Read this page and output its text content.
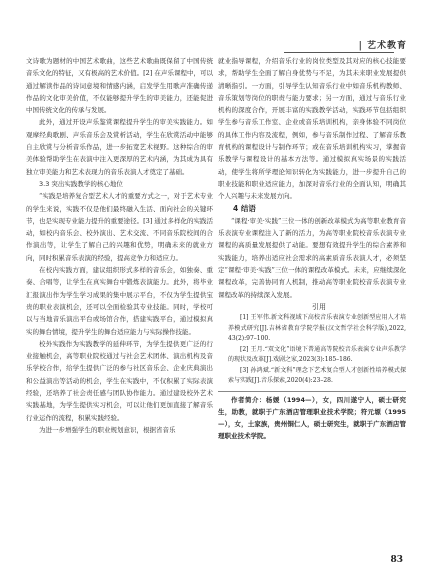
| 艺术教育

文诗歌为题材的中国艺术歌曲，这些艺术歌曲既保留了中国传统音乐文化的特征，又有极高的艺术价值。[2] 在声乐课程中，可以通过解读作品的诗词意境和情感内涵，启发学生用歌声准确传递作品的文化审美价值，不仅能够提升学生的审美能力，还能促进中国传统文化的传承与发展。

此外，通过开设声乐鉴赏课程提升学生的审美实践能力。如观摩经典歌剧、声乐音乐会及赏析活动，学生在欣赏活动中能够自主欣赏与分析音乐作品，进一步拓宽艺术视野。这种综合的审美体验帮助学生在表演中注入更深厚的艺术内涵，为其成为具有独立审美能力和艺术表现力的音乐表演人才奠定了基础。

3.3 突出实践教学的核心地位

“实践是培养复合型艺术人才的重要方式之一，对于艺术专业的学生来说，实践不仅是他们最终融入生活、面向社会的关键环节，也是实现专业能力提升的重要途径。[3] 通过多样化的实践活动，如校内音乐会、校外演出、艺术交流、不同音乐院校间的合作演出等，让学生了解自己的兴趣和优势，明确未来的就业方向，同时积累音乐表演的经验，提高竞争力和适应力。

在校内实践方面，建议组织形式多样的音乐会，如独奏、重奏、合唱等，让学生在真实舞台中锻炼表演能力。此外，将毕业汇报演出作为学生学习成果的集中展示平台，不仅为学生提供宝贵的职业表演机会，还可以全面检验其专业技能。同时，学校可以与当地音乐演出平台或场馆合作，搭建实践平台，通过模拟真实的舞台情境，提升学生的舞台适应能力与实际操作技能。

校外实践作为实践教学的延伸环节，为学生提供更广泛的行业接触机会，高等职业院校通过与社会艺术团体、演出机构及音乐学校合作，给学生提供广泛的参与社区音乐会、企业庆典演出和公益演出等活动的机会，学生在实践中，不仅积累了实际表演经验，还培养了社会责任感与团队协作能力。通过建设校外艺术实践基地，为学生提供实习机会，可以让他们更加直接了解音乐行业运作的流程，积累实践经验。

为进一步增强学生的职业规划意识，根据省音乐

就业指导课程，介绍音乐行业的岗位类型及其对应的核心技能要求，帮助学生全面了解自身优势与不足，为其未来职业发展提供清晰指引。一方面，引导学生认知音乐行业中如音乐机构教师、音乐策划等岗位的职责与能力要求；另一方面，通过与音乐行业机构的深度合作，开展丰富的实践教学活动，实践环节包括组织学生参与音乐工作室、企业或音乐培训机构，亲身体验不同岗位的具体工作内容及流程，例如，参与音乐制作过程、了解音乐教育机构的课程设计与制作环节；或在音乐培训机构实习，掌握音乐教学与课程设计的基本方法等。通过模拟真实场景的实践活动，使学生将所学理论知识转化为实践能力，进一步提升自己的职业技能和职业适应能力，加深对音乐行业的全面认知，明确其个人兴趣与未来发展方向。

4 结语

“课程·审美·实践”三位一体的创新改革模式为高等职业教育音乐表演专业课程注入了新的活力，为高等职业院校音乐表演专业课程的高质量发展提供了动能。要想有效提升学生的综合素养和实践能力，培养出适应社会需求的高素质音乐表演人才，必须坚定“课程·审美·实践”三位一体的课程改革模式。未来，应继续深化课程改革，完善协同育人机制，推动高等职业院校音乐表演专业课程改革的持续深入发展。

引用

[1] 王军伟.新文科视域下高校音乐表演专业创新型应用人才培养模式研究[J].吉林省教育学院学报(汉文哲学社会科学版),2022, 43(2):97–100.

[2] 王月.“双文化”语境下普通高等院校音乐表演专业声乐教学的现状及改革[J].戏剧之家,2023(3):185–186.

[3] 孙鸿斌.“新文科”理念下艺术复合型人才创新性培养模式探索与实践[J].音乐探索,2020(4):23–28.

作者简介：杨媛（1994—），女，四川遂宁人，硕士研究生，助教，就职于广东酒店管理职业技术学院；符元塬（1995—），女，土家族，贵州铜仁人，硕士研究生，就职于广东酒店管理职业技术学院。

83
